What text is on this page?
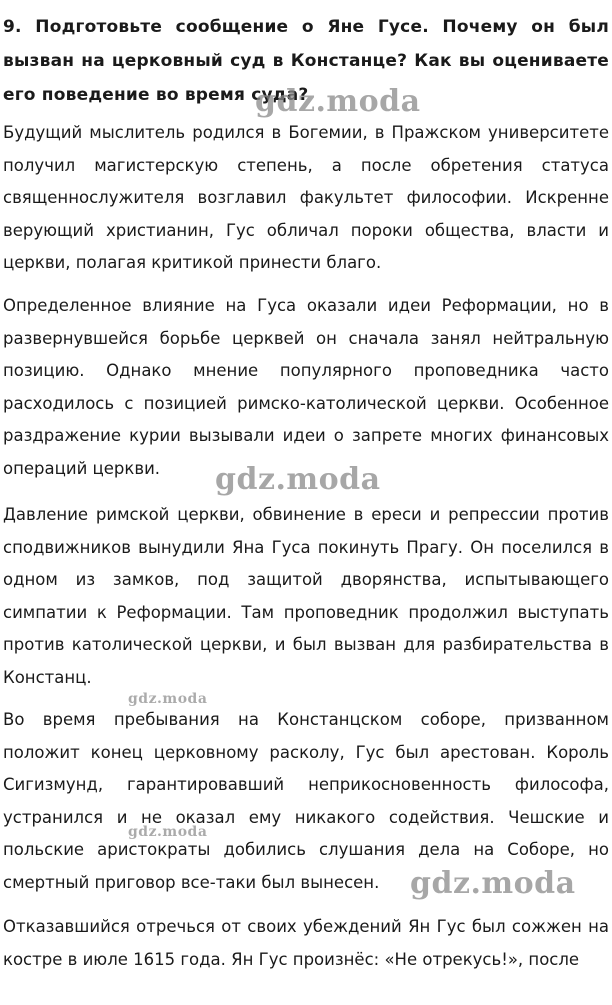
9. Подготовьте сообщение о Яне Гусе. Почему он был вызван на церковный суд в Констанце? Как вы оцениваете его поведение во время суда?

Будущий мыслитель родился в Богемии, в Пражском университете получил магистерскую степень, а после обретения статуса священнослужителя возглавил факультет философии. Искренне верующий христианин, Гус обличал пороки общества, власти и церкви, полагая критикой принести благо.

Определенное влияние на Гуса оказали идеи Реформации, но в развернувшейся борьбе церквей он сначала занял нейтральную позицию. Однако мнение популярного проповедника часто расходилось с позицией римско-католической церкви. Особенное раздражение курии вызывали идеи о запрете многих финансовых операций церкви.

Давление римской церкви, обвинение в ереси и репрессии против сподвижников вынудили Яна Гуса покинуть Прагу. Он поселился в одном из замков, под защитой дворянства, испытывающего симпатии к Реформации. Там проповедник продолжил выступать против католической церкви, и был вызван для разбирательства в Констанц.

Во время пребывания на Констанцском соборе, призванном положит конец церковному расколу, Гус был арестован. Король Сигизмунд, гарантировавший неприкосновенность философа, устранился и не оказал ему никакого содействия. Чешские и польские аристократы добились слушания дела на Соборе, но смертный приговор все-таки был вынесен.

Отказавшийся отречься от своих убеждений Ян Гус был сожжен на костре в июле 1615 года. Ян Гус произнёс: «Не отрекусь!», после

gdz.moda
gdz.moda
gdz.moda
gdz.moda
gdz.moda
